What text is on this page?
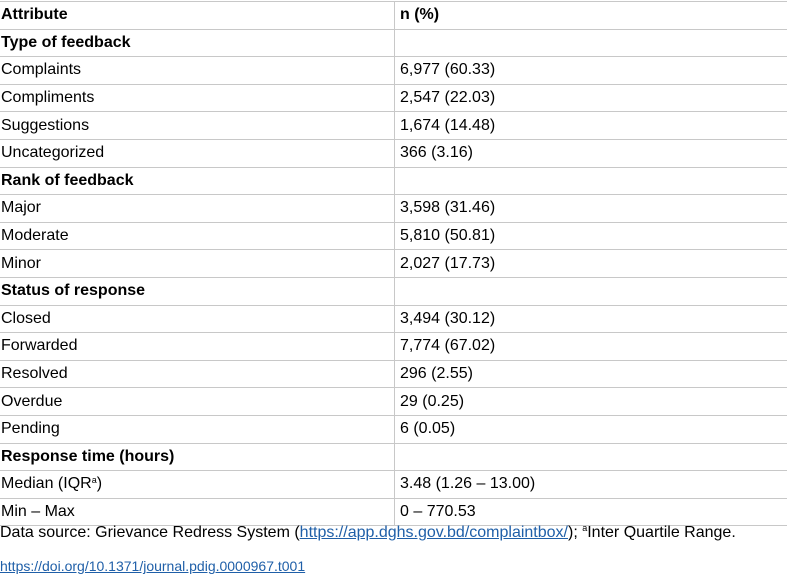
Attribute	n (%)
Type of feedback	
Complaints	6,977 (60.33)
Compliments	2,547 (22.03)
Suggestions	1,674 (14.48)
Uncategorized	366 (3.16)
Rank of feedback	
Major	3,598 (31.46)
Moderate	5,810 (50.81)
Minor	2,027 (17.73)
Status of response	
Closed	3,494 (30.12)
Forwarded	7,774 (67.02)
Resolved	296 (2.55)
Overdue	29 (0.25)
Pending	6 (0.05)
Response time (hours)	
Median (IQR$^a$)	3.48 (1.26 – 13.00)
Min – Max	0 – 770.53
Data source: Grievance Redress System (https://app.dghs.gov.bd/complaintbox/); $^a$Inter Quartile Range.
https://doi.org/10.1371/journal.pdig.0000967.t001
